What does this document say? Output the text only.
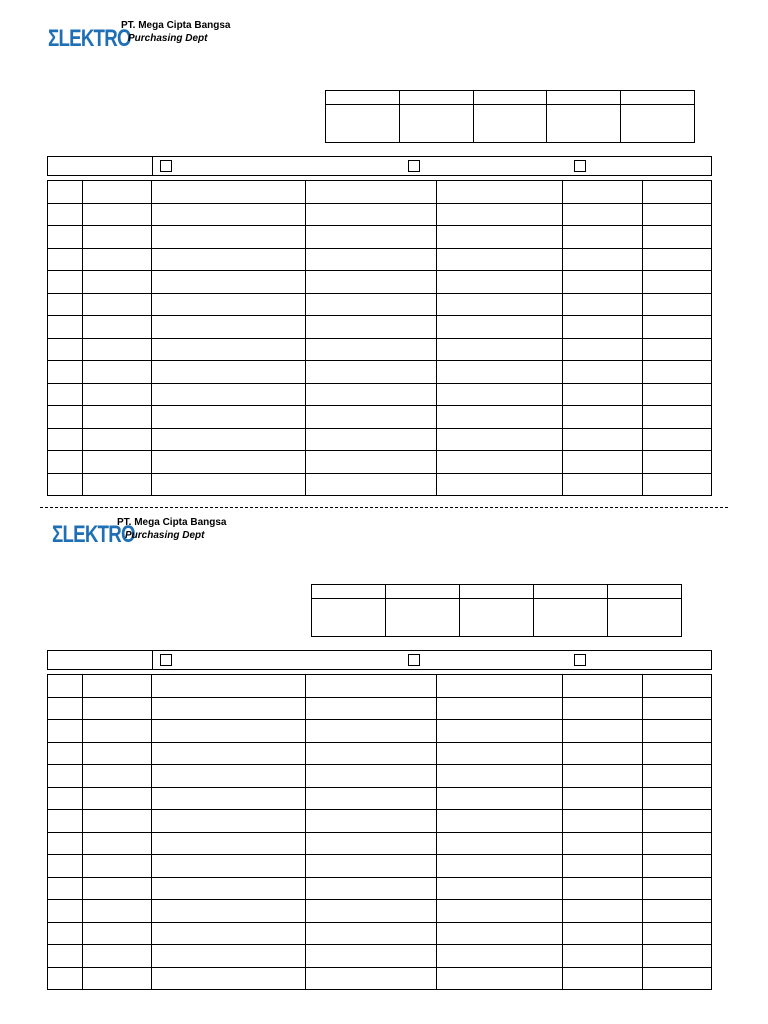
ΣLEKTRO
PT. Mega Cipta Bangsa
Purchasing Dept

ΣLEKTRO
PT. Mega Cipta Bangsa
Purchasing Dept
